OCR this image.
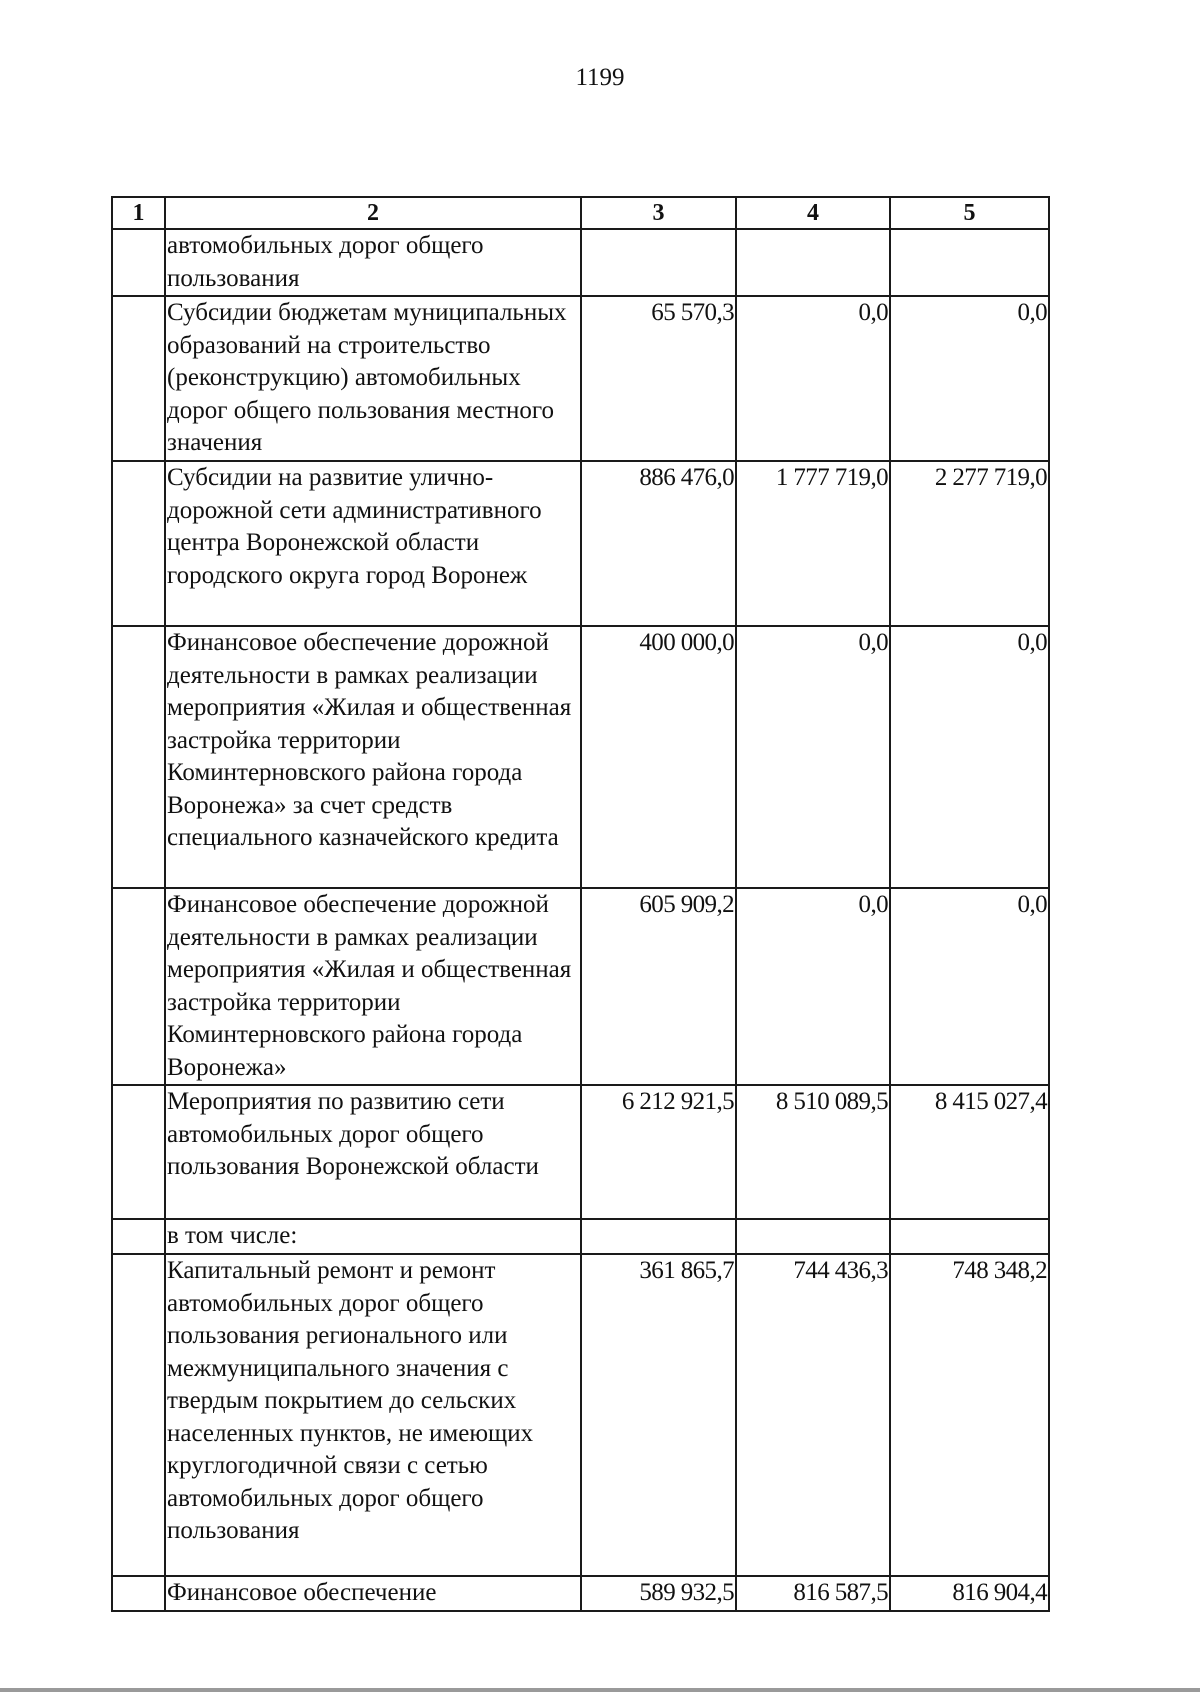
1199
1	2	3	4	5
	автомобильных дорог общего пользования			
	Субсидии бюджетам муниципальных образований на строительство (реконструкцию) автомобильных дорог общего пользования местного значения	65 570,3	0,0	0,0
	Субсидии на развитие улично-дорожной сети административного центра Воронежской области городского округа город Воронеж	886 476,0	1 777 719,0	2 277 719,0
	Финансовое обеспечение дорожной деятельности в рамках реализации мероприятия «Жилая и общественная застройка территории Коминтерновского района города Воронежа» за счет средств специального казначейского кредита	400 000,0	0,0	0,0
	Финансовое обеспечение дорожной деятельности в рамках реализации мероприятия «Жилая и общественная застройка территории Коминтерновского района города Воронежа»	605 909,2	0,0	0,0
	Мероприятия по развитию сети автомобильных дорог общего пользования Воронежской области	6 212 921,5	8 510 089,5	8 415 027,4
	в том числе:			
	Капитальный ремонт и ремонт автомобильных дорог общего пользования регионального или межмуниципального значения с твердым покрытием до сельских населенных пунктов, не имеющих круглогодичной связи с сетью автомобильных дорог общего пользования	361 865,7	744 436,3	748 348,2
	Финансовое обеспечение	589 932,5	816 587,5	816 904,4
